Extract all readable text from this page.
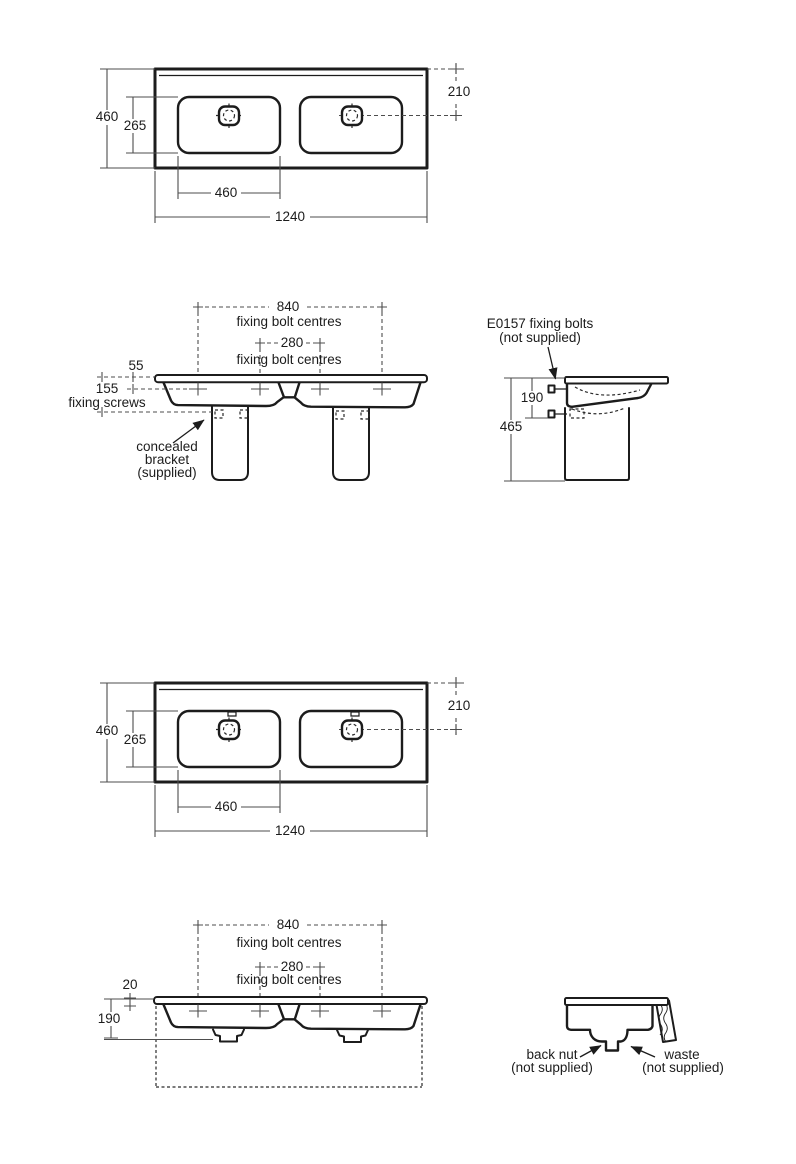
460
265
210
460
1240
840
fixing bolt centres
280
fixing bolt centres
55
155
fixing screws
concealed
bracket
(supplied)
190
465
E0157 fixing bolts
(not supplied)
460
265
210
460
1240
840
fixing bolt centres
280
fixing bolt centres
20
190
back nut
(not supplied)
waste
(not supplied)
